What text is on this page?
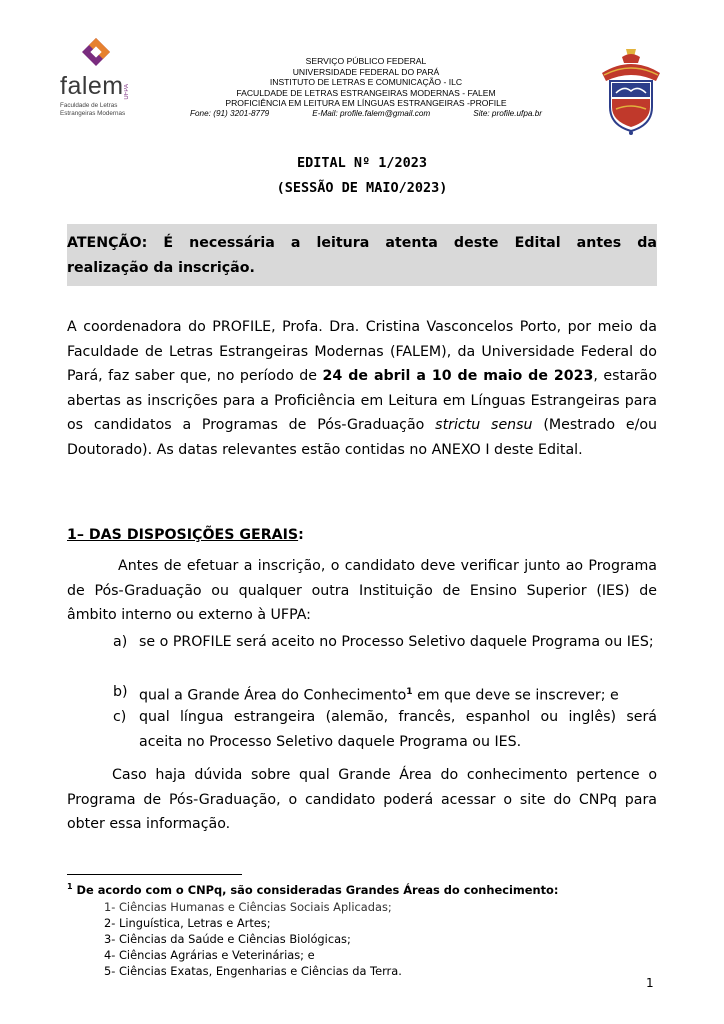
falem
Faculdade de Letras
Estrangeiras Modernas
UFPA
SERVIÇO PÚBLICO FEDERAL
UNIVERSIDADE FEDERAL DO PARÁ
INSTITUTO DE LETRAS E COMUNICAÇÃO - ILC
FACULDADE DE LETRAS ESTRANGEIRAS MODERNAS - FALEM
PROFICIÊNCIA EM LEITURA EM LÍNGUAS ESTRANGEIRAS -PROFILE
Fone: (91) 3201-8779	E-Mail: profile.falem@gmail.com	Site: profile.ufpa.br
EDITAL Nº 1/2023
(SESSÃO DE MAIO/2023)
ATENÇÃO: É necessária a leitura atenta deste Edital antes da
realização da inscrição.
A coordenadora do PROFILE, Profa. Dra. Cristina Vasconcelos Porto, por meio da Faculdade de Letras Estrangeiras Modernas (FALEM), da Universidade Federal do Pará, faz saber que, no período de 24 de abril a 10 de maio de 2023, estarão abertas as inscrições para a Proficiência em Leitura em Línguas Estrangeiras para os candidatos a Programas de Pós-Graduação strictu sensu (Mestrado e/ou Doutorado). As datas relevantes estão contidas no ANEXO I deste Edital.
1– DAS DISPOSIÇÕES GERAIS:
Antes de efetuar a inscrição, o candidato deve verificar junto ao Programa de Pós-Graduação ou qualquer outra Instituição de Ensino Superior (IES) de âmbito interno ou externo à UFPA:
a) se o PROFILE será aceito no Processo Seletivo daquele Programa ou IES;
b) qual a Grande Área do Conhecimento$^1$ em que deve se inscrever; e
c) qual língua estrangeira (alemão, francês, espanhol ou inglês) será aceita no Processo Seletivo daquele Programa ou IES.
Caso haja dúvida sobre qual Grande Área do conhecimento pertence o Programa de Pós-Graduação, o candidato poderá acessar o site do CNPq para obter essa informação.
$^1$ De acordo com o CNPq, são consideradas Grandes Áreas do conhecimento:
1- Ciências Humanas e Ciências Sociais Aplicadas;
2- Linguística, Letras e Artes;
3- Ciências da Saúde e Ciências Biológicas;
4- Ciências Agrárias e Veterinárias; e
5- Ciências Exatas, Engenharias e Ciências da Terra.
1
